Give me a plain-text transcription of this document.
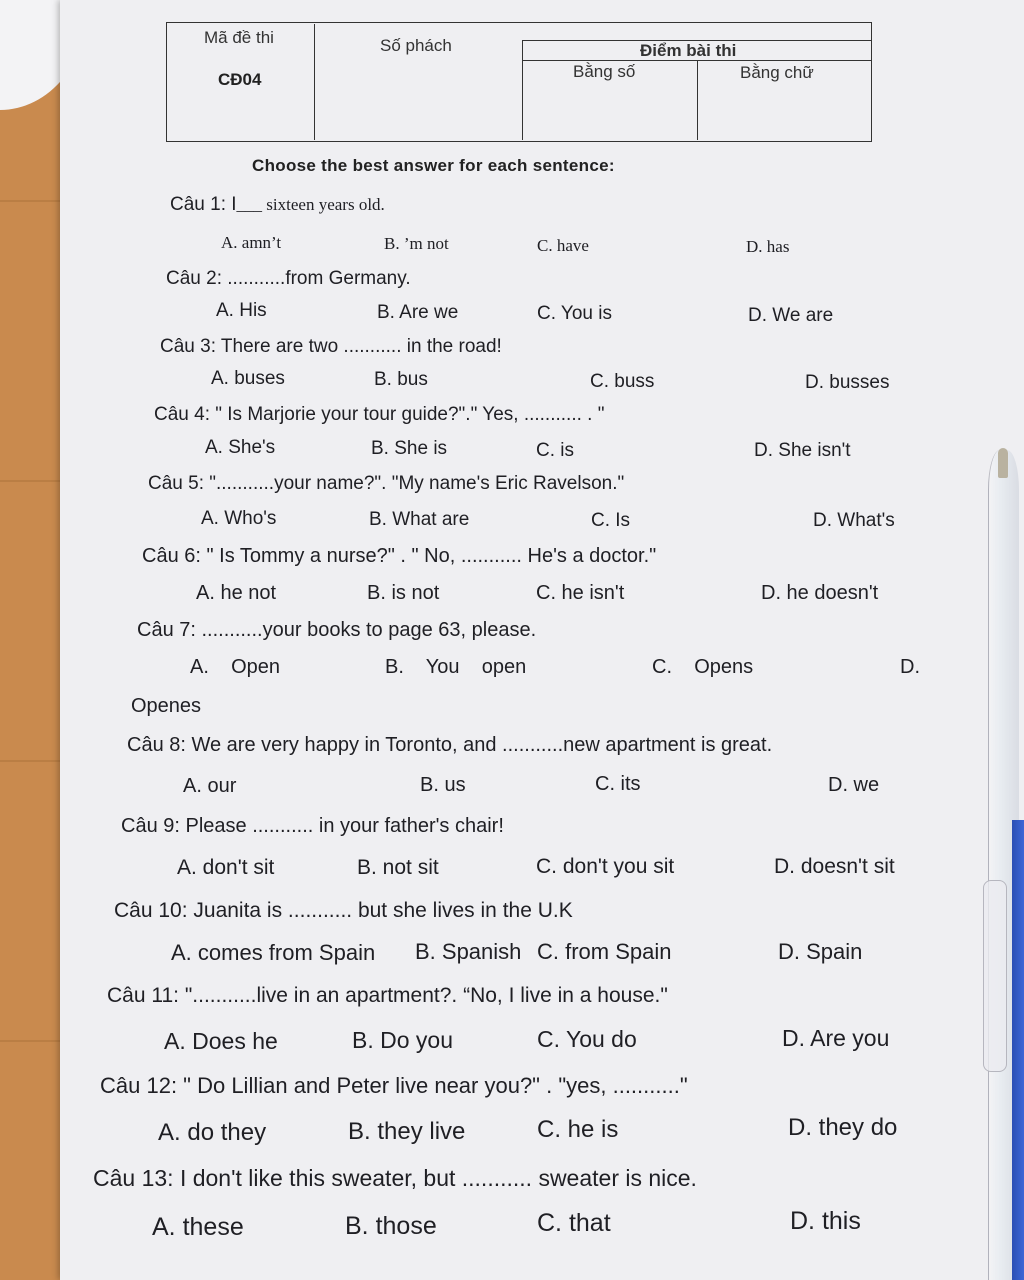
Mã đề thi
CĐ04
Số phách	Điểm bài thi
Bằng số	Bằng chữ
Choose the best answer for each sentence:
Câu 1: I___ sixteen years old.
A. amn’t	B. ’m not	C. have	D. has
Câu 2: ...........from Germany.
A. His	B. Are we	C. You is	D. We are
Câu 3: There are two ........... in the road!
A. buses	B. bus	C. buss	D. busses
Câu 4: " Is Marjorie your tour guide?"." Yes, ........... . "
A. She's	B. She is	C. is	D. She isn't
Câu 5: "...........your name?". "My name's Eric Ravelson."
A. Who's	B. What are	C. Is	D. What's
Câu 6: " Is Tommy a nurse?" . " No, ........... He's a doctor."
A. he not	B. is not	C. he isn't	D. he doesn't
Câu 7: ...........your books to page 63, please.
A.    Open	B.    You    open	C.    Opens	D.
Openes
Câu 8: We are very happy in Toronto, and ...........new apartment is great.
A. our	B. us	C. its	D. we
Câu 9: Please ........... in your father's chair!
A. don't sit	B. not sit	C. don't you sit	D. doesn't sit
Câu 10: Juanita is ........... but she lives in the U.K
A. comes from Spain B. Spanish C. from Spain	D. Spain
Câu 11: "...........live in an apartment?. “No, I live in a house."
A. Does he	B. Do you	C. You do	D. Are you
Câu 12: " Do Lillian and Peter live near you?" . "yes, ..........."
A. do they	B. they live	C. he is	D. they do
Câu 13: I don't like this sweater, but ........... sweater is nice.
A. these	B. those	C. that	D. this
